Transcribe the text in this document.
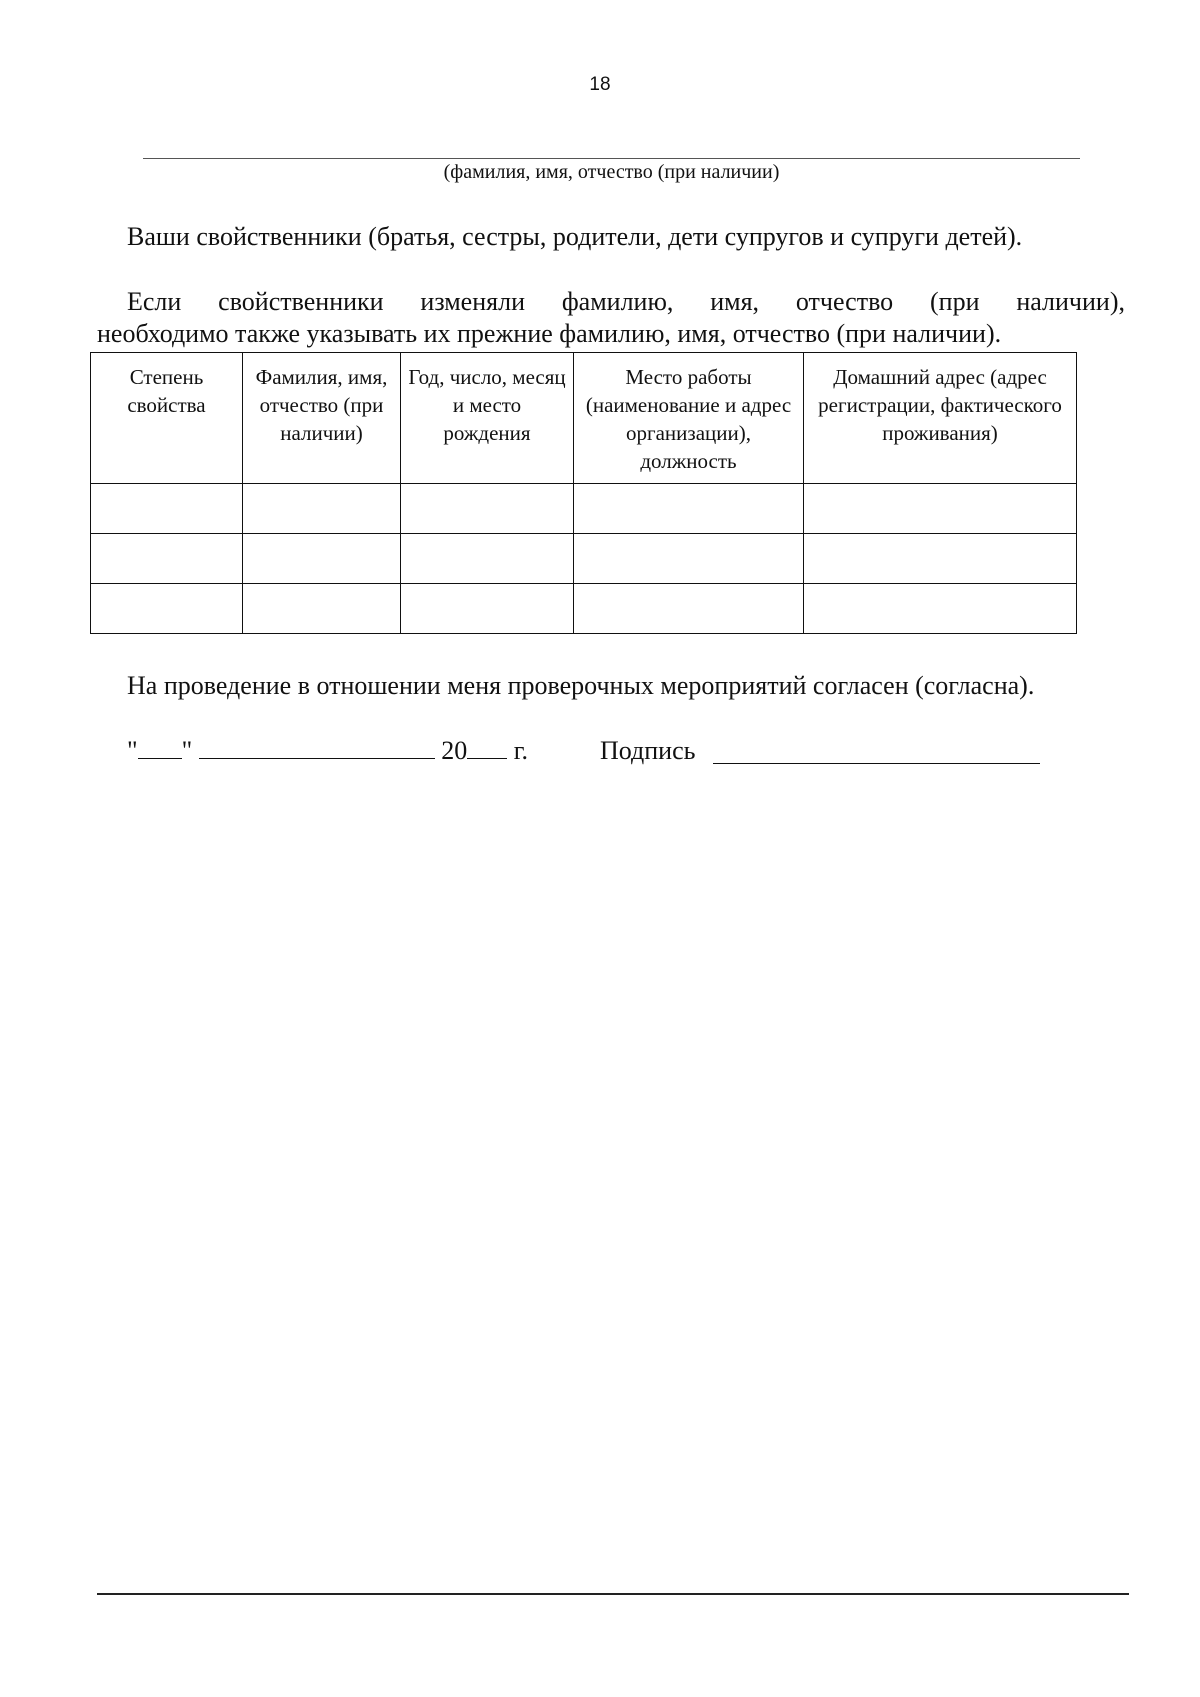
18
(фамилия, имя, отчество (при наличии)
Ваши свойственники (братья, сестры, родители, дети супругов и супруги детей).
Если свойственники изменяли фамилию, имя, отчество (при наличии),
необходимо также указывать их прежние фамилию, имя, отчество (при наличии).
Степень свойства	Фамилия, имя, отчество (при наличии)	Год, число, месяц и место рождения	Место работы (наименование и адрес организации), должность	Домашний адрес (адрес регистрации, фактического проживания)

На проведение в отношении меня проверочных мероприятий согласен (согласна).
" "	20 г.	Подпись
